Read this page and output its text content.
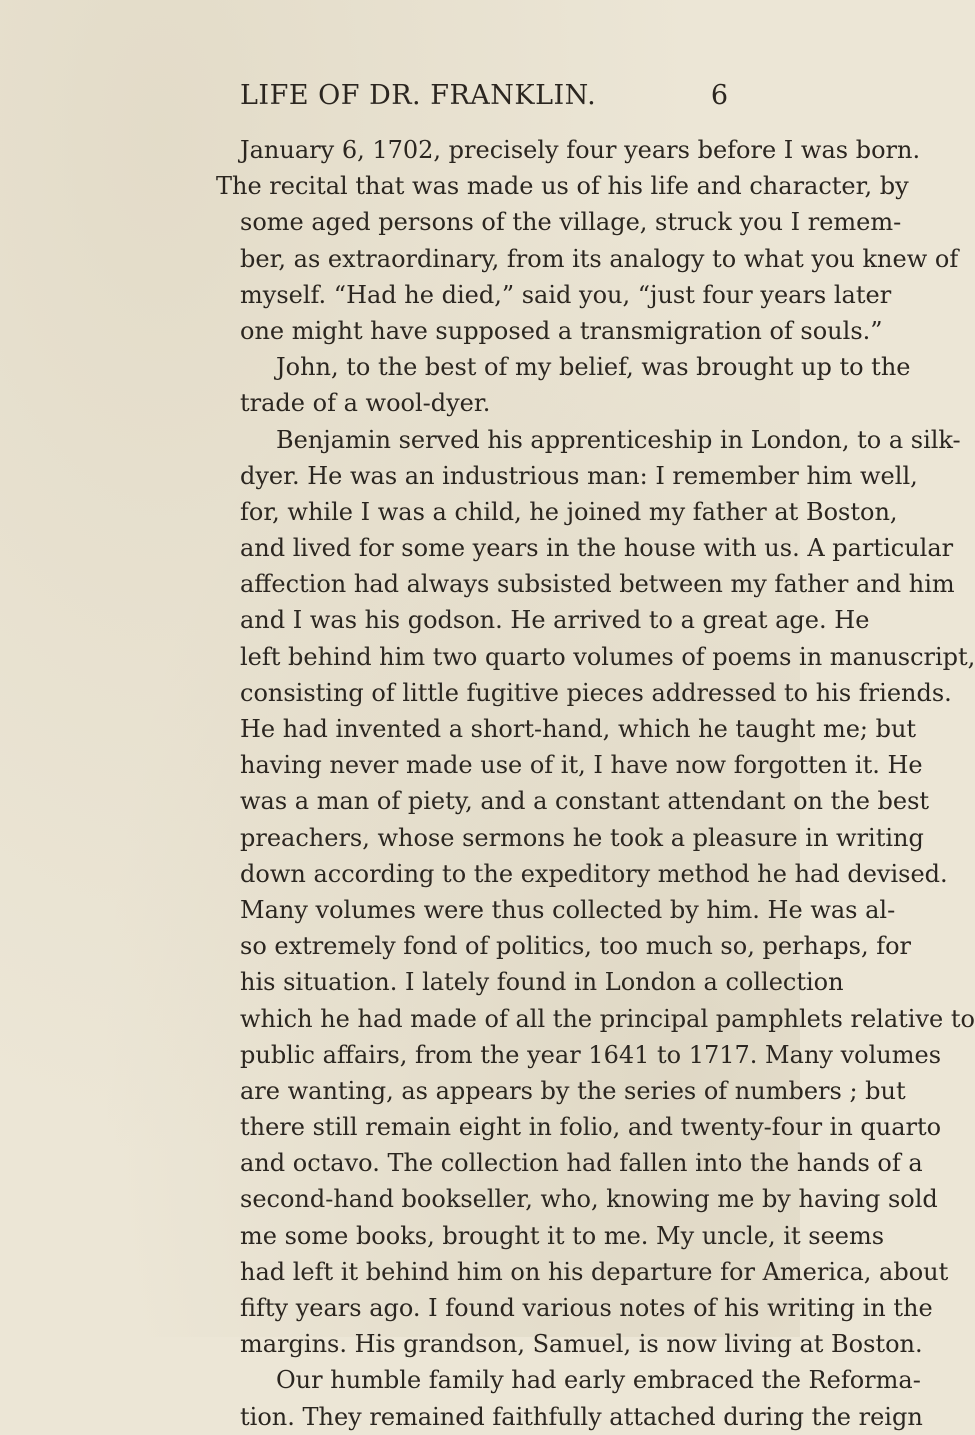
LIFE OF DR. FRANKLIN.	6
January 6, 1702, precisely four years before I was born.
The recital that was made us of his life and character, by
some aged persons of the village, struck you I remem-
ber, as extraordinary, from its analogy to what you knew of
myself. “Had he died,” said you, “just four years later
one might have supposed a transmigration of souls.”
John, to the best of my belief, was brought up to the
trade of a wool-dyer.
Benjamin served his apprenticeship in London, to a silk-
dyer. He was an industrious man: I remember him well,
for, while I was a child, he joined my father at Boston,
and lived for some years in the house with us. A particular
affection had always subsisted between my father and him
and I was his godson. He arrived to a great age. He
left behind him two quarto volumes of poems in manuscript,
consisting of little fugitive pieces addressed to his friends.
He had invented a short-hand, which he taught me; but
having never made use of it, I have now forgotten it. He
was a man of piety, and a constant attendant on the best
preachers, whose sermons he took a pleasure in writing
down according to the expeditory method he had devised.
Many volumes were thus collected by him. He was al-
so extremely fond of politics, too much so, perhaps, for
his situation. I lately found in London a collection
which he had made of all the principal pamphlets relative to
public affairs, from the year 1641 to 1717. Many volumes
are wanting, as appears by the series of numbers ; but
there still remain eight in folio, and twenty-four in quarto
and octavo. The collection had fallen into the hands of a
second-hand bookseller, who, knowing me by having sold
me some books, brought it to me. My uncle, it seems
had left it behind him on his departure for America, about
fifty years ago. I found various notes of his writing in the
margins. His grandson, Samuel, is now living at Boston.
Our humble family had early embraced the Reforma-
tion. They remained faithfully attached during the reign
